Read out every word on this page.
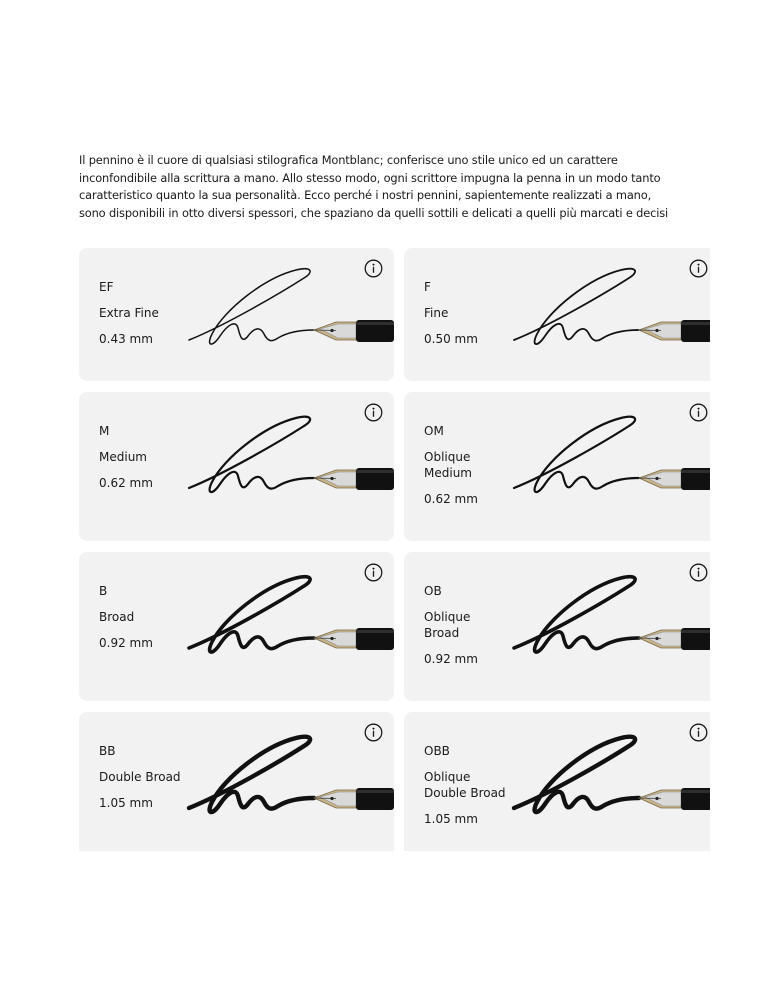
Il pennino è il cuore di qualsiasi stilografica Montblanc; conferisce uno stile unico ed un carattere
inconfondibile alla scrittura a mano. Allo stesso modo, ogni scrittore impugna la penna in un modo tanto
caratteristico quanto la sua personalità. Ecco perché i nostri pennini, sapientemente realizzati a mano,
sono disponibili in otto diversi spessori, che spaziano da quelli sottili e delicati a quelli più marcati e decisi

EF
Extra Fine
0.43 mm
F
Fine
0.50 mm
M
Medium
0.62 mm
OM
Oblique
Medium
0.62 mm
B
Broad
0.92 mm
OB
Oblique
Broad
0.92 mm
BB
Double Broad
1.05 mm
OBB
Oblique
Double Broad
1.05 mm
